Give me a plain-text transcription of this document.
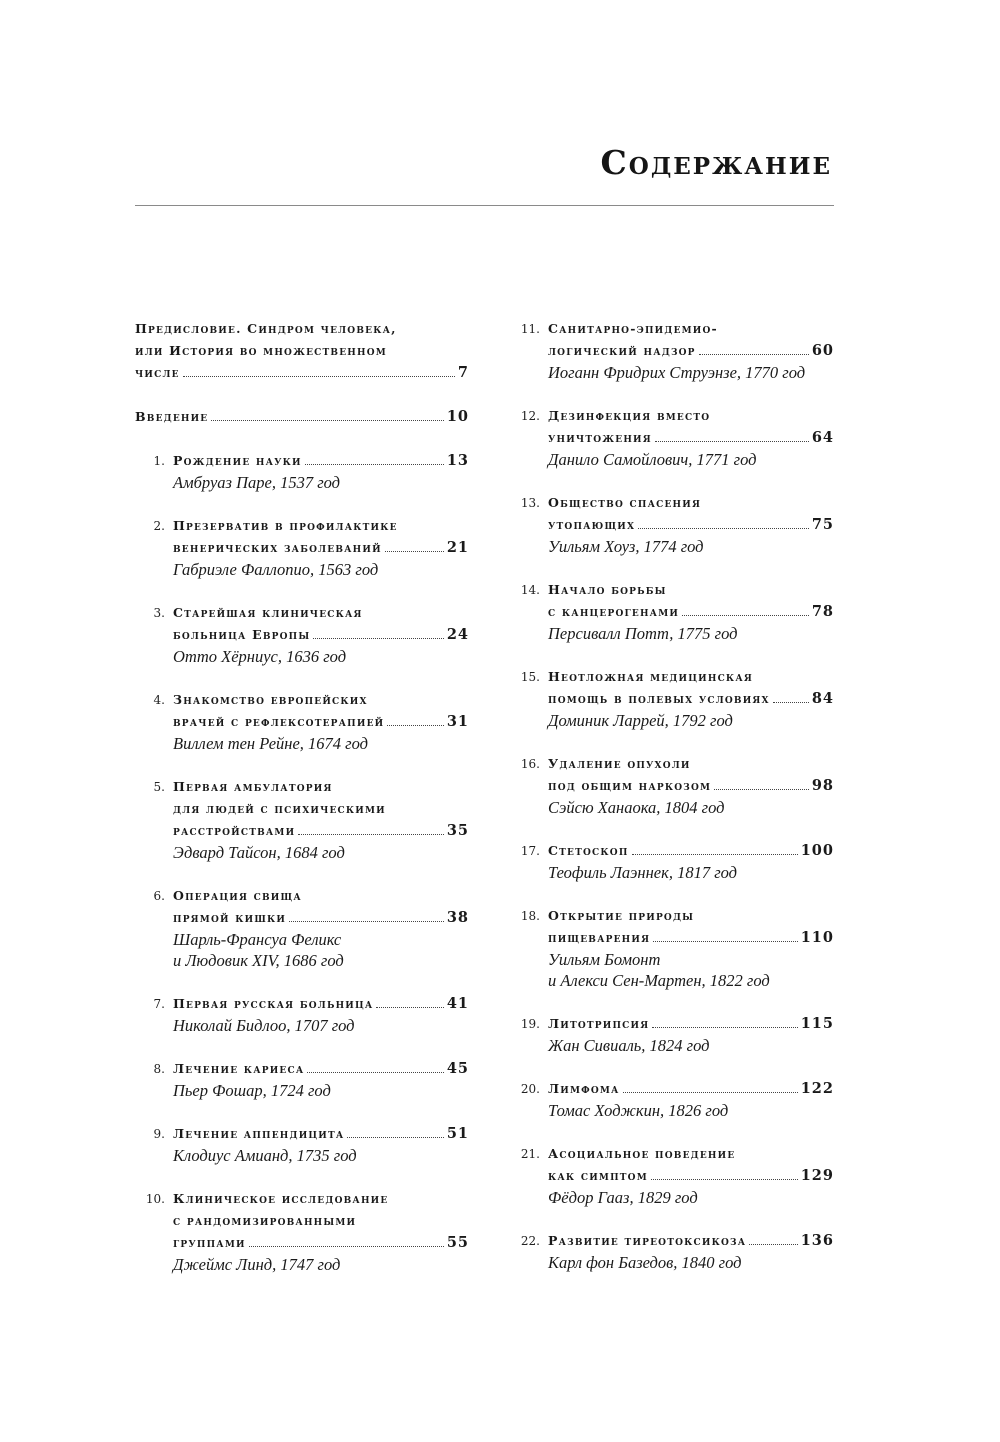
Содержание
Предисловие. Синдром человека,
или История во множественном
числе	7
Введение	10
1. Рождение науки	13
Амбруаз Паре, 1537 год
2. Презерватив в профилактике
венерических заболеваний	21
Габриэле Фаллопио, 1563 год
3. Старейшая клиническая
больница Европы	24
Отто Хёрниус, 1636 год
4. Знакомство европейских
врачей с рефлексотерапией	31
Виллем тен Рейне, 1674 год
5. Первая амбулатория
для людей с психическими
расстройствами	35
Эдвард Тайсон, 1684 год
6. Операция свища
прямой кишки	38
Шарль-Франсуа Феликс
и Людовик XIV, 1686 год
7. Первая русская больница	41
Николай Бидлоо, 1707 год
8. Лечение кариеса	45
Пьер Фошар, 1724 год
9. Лечение аппендицита	51
Клодиус Амианд, 1735 год
10. Клиническое исследование
с рандомизированными
группами	55
Джеймс Линд, 1747 год
11. Санитарно-эпидемио-
логический надзор	60
Иоганн Фридрих Струэнзе, 1770 год
12. Дезинфекция вместо
уничтожения	64
Данило Самойлович, 1771 год
13. Общество спасения
утопающих	75
Уильям Хоуз, 1774 год
14. Начало борьбы
с канцерогенами	78
Персивалл Потт, 1775 год
15. Неотложная медицинская
помощь в полевых условиях	84
Доминик Ларрей, 1792 год
16. Удаление опухоли
под общим наркозом	98
Сэйсю Ханаока, 1804 год
17. Стетоскоп	100
Теофиль Лаэннек, 1817 год
18. Открытие природы
пищеварения	110
Уильям Бомонт
и Алекси Сен-Мартен, 1822 год
19. Литотрипсия	115
Жан Сивиаль, 1824 год
20. Лимфома	122
Томас Ходжкин, 1826 год
21. Асоциальное поведение
как симптом	129
Фёдор Гааз, 1829 год
22. Развитие тиреотоксикоза	136
Карл фон Базедов, 1840 год
